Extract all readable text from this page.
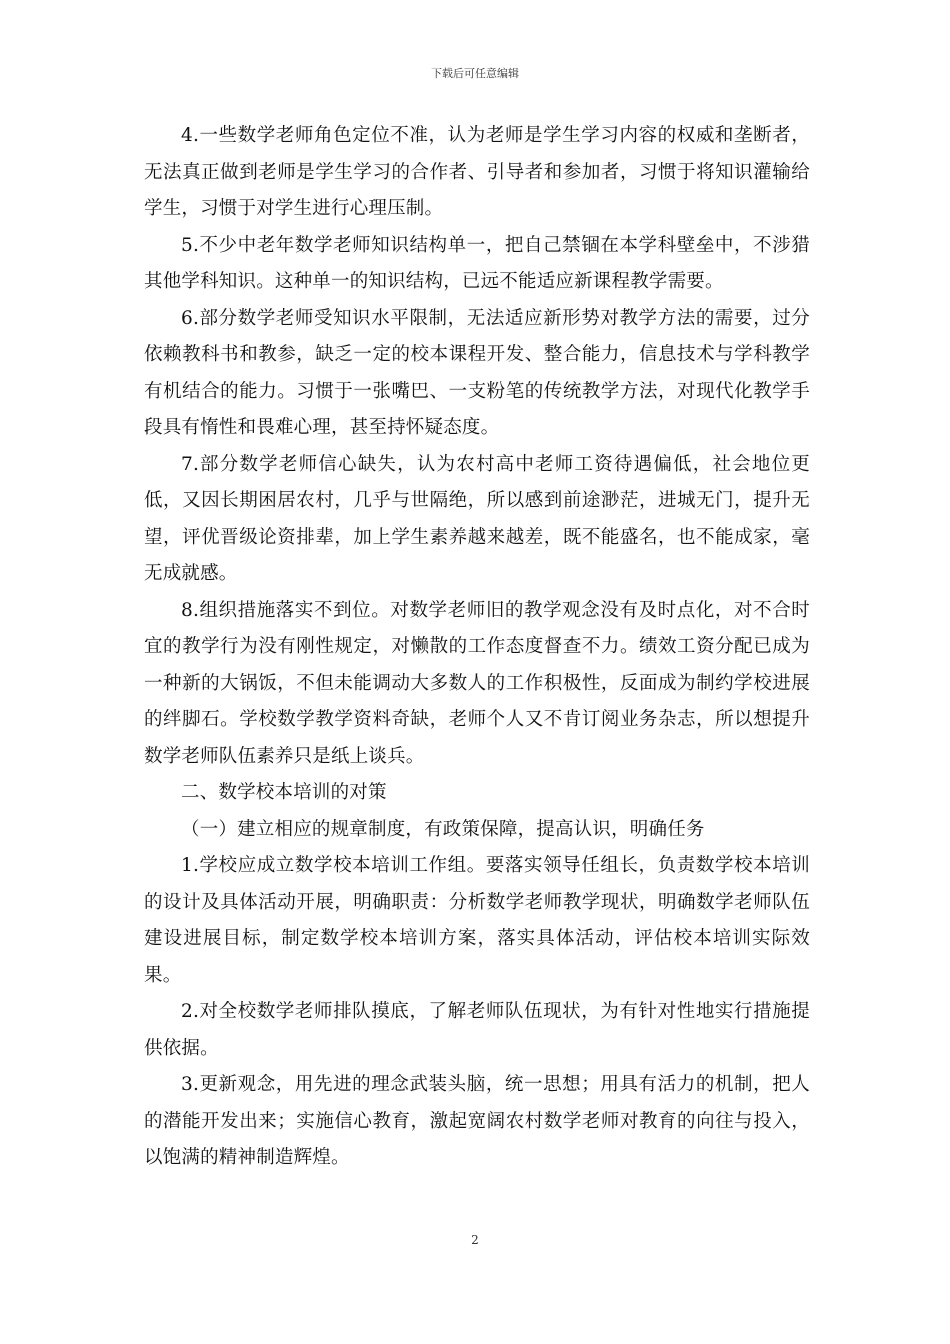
下载后可任意编辑

4.一些数学老师角色定位不准，认为老师是学生学习内容的权威和垄断者，无法真正做到老师是学生学习的合作者、引导者和参加者，习惯于将知识灌输给学生，习惯于对学生进行心理压制。

5.不少中老年数学老师知识结构单一，把自己禁锢在本学科壁垒中，不涉猎其他学科知识。这种单一的知识结构，已远不能适应新课程教学需要。

6.部分数学老师受知识水平限制，无法适应新形势对教学方法的需要，过分依赖教科书和教参，缺乏一定的校本课程开发、整合能力，信息技术与学科教学有机结合的能力。习惯于一张嘴巴、一支粉笔的传统教学方法，对现代化教学手段具有惰性和畏难心理，甚至持怀疑态度。

7.部分数学老师信心缺失，认为农村高中老师工资待遇偏低，社会地位更低，又因长期困居农村，几乎与世隔绝，所以感到前途渺茫，进城无门，提升无望，评优晋级论资排辈，加上学生素养越来越差，既不能盛名，也不能成家，毫无成就感。

8.组织措施落实不到位。对数学老师旧的教学观念没有及时点化，对不合时宜的教学行为没有刚性规定，对懒散的工作态度督查不力。绩效工资分配已成为一种新的大锅饭，不但未能调动大多数人的工作积极性，反面成为制约学校进展的绊脚石。学校数学教学资料奇缺，老师个人又不肯订阅业务杂志，所以想提升数学老师队伍素养只是纸上谈兵。

二、数学校本培训的对策

（一）建立相应的规章制度，有政策保障，提高认识，明确任务

1.学校应成立数学校本培训工作组。要落实领导任组长，负责数学校本培训的设计及具体活动开展，明确职责：分析数学老师教学现状，明确数学老师队伍建设进展目标，制定数学校本培训方案，落实具体活动，评估校本培训实际效果。

2.对全校数学老师排队摸底，了解老师队伍现状，为有针对性地实行措施提供依据。

3.更新观念，用先进的理念武装头脑，统一思想；用具有活力的机制，把人的潜能开发出来；实施信心教育，激起宽阔农村数学老师对教育的向往与投入，以饱满的精神制造辉煌。

2
